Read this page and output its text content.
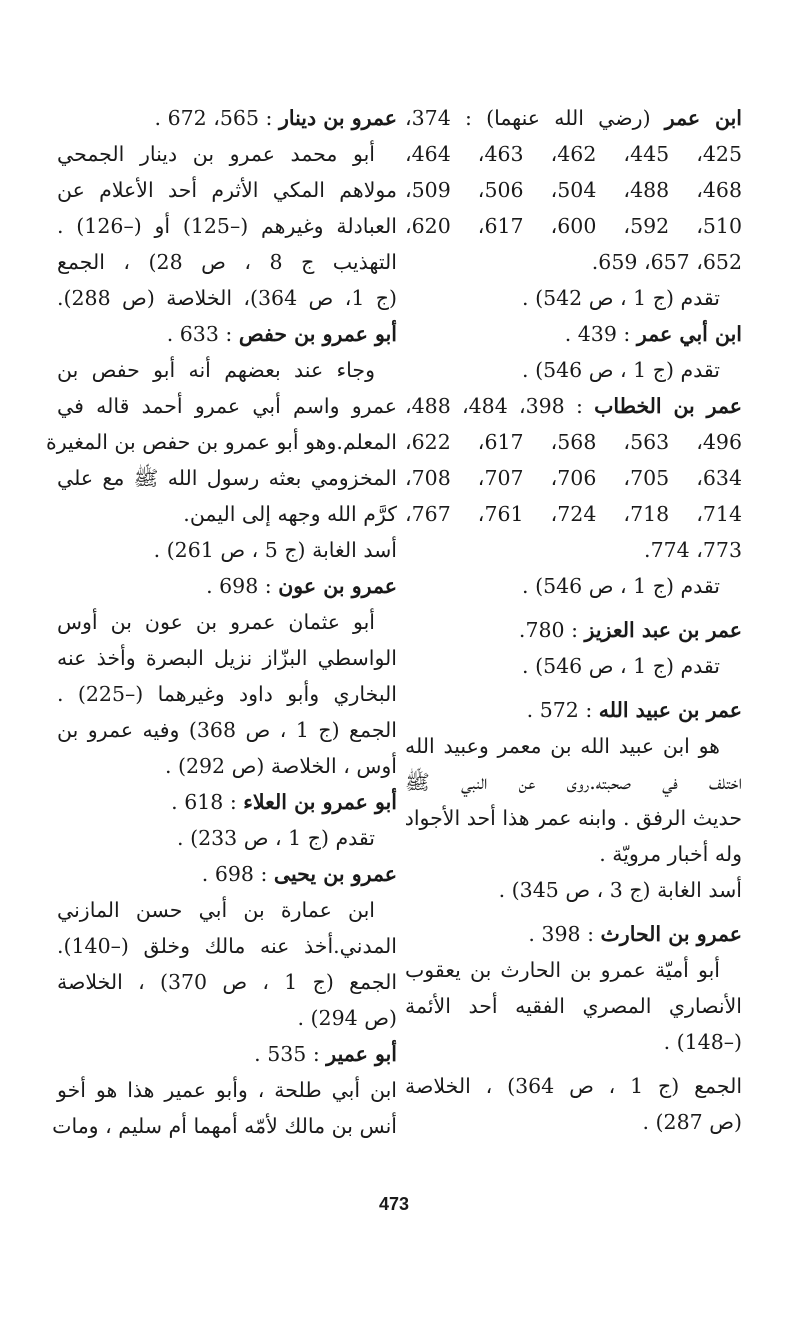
ابن عمر (رضي الله عنهما) : 374،
425، 445، 462، 463، 464،
468، 488، 504، 506، 509،
510، 592، 600، 617، 620،
652، 657، 659.
تقدم (ج 1 ، ص 542) .
ابن أبي عمر : 439 .
تقدم (ج 1 ، ص 546) .
عمر بن الخطاب : 398، 484، 488،
496، 563، 568، 617، 622،
634، 705، 706، 707، 708،
714، 718، 724، 761، 767،
773، 774.
تقدم (ج 1 ، ص 546) .
عمر بن عبد العزيز : 780.
تقدم (ج 1 ، ص 546) .
عمر بن عبيد الله : 572 .
هو ابن عبيد الله بن معمر وعبيد الله
اختلف في صحبته.روى عن النبي ﷺ
حديث الرفق . وابنه عمر هذا أحد الأجواد
وله أخبار مرويّة .
أسد الغابة (ج 3 ، ص 345) .
عمرو بن الحارث : 398 .
أبو أميّة عمرو بن الحارث بن يعقوب
الأنصاري المصري الفقيه أحد الأئمة
(–148) .
الجمع (ج 1 ، ص 364) ، الخلاصة
(ص 287) .
عمرو بن دينار : 565، 672 .
أبو محمد عمرو بن دينار الجمحي
مولاهم المكي الأثرم أحد الأعلام عن
العبادلة وغيرهم (–125) أو (–126) .
التهذيب ج 8 ، ص 28) ، الجمع
(ج 1، ص 364)، الخلاصة (ص 288).
أبو عمرو بن حفص : 633 .
وجاء عند بعضهم أنه أبو حفص بن
عمرو واسم أبي عمرو أحمد قاله في
المعلم.وهو أبو عمرو بن حفص بن المغيرة
المخزومي بعثه رسول الله ﷺ مع علي
كرَّم الله وجهه إلى اليمن.
أسد الغابة (ج 5 ، ص 261) .
عمرو بن عون : 698 .
أبو عثمان عمرو بن عون بن أوس
الواسطي البزّاز نزيل البصرة وأخذ عنه
البخاري وأبو داود وغيرهما (–225) .
الجمع (ج 1 ، ص 368) وفيه عمرو بن
أوس ، الخلاصة (ص 292) .
أبو عمرو بن العلاء : 618 .
تقدم (ج 1 ، ص 233) .
عمرو بن يحيى : 698 .
ابن عمارة بن أبي حسن المازني
المدني.أخذ عنه مالك وخلق (–140).
الجمع (ج 1 ، ص 370) ، الخلاصة
(ص 294) .
أبو عمير : 535 .
ابن أبي طلحة ، وأبو عمير هذا هو أخو
أنس بن مالك لأمّه أمهما أم سليم ، ومات
473
